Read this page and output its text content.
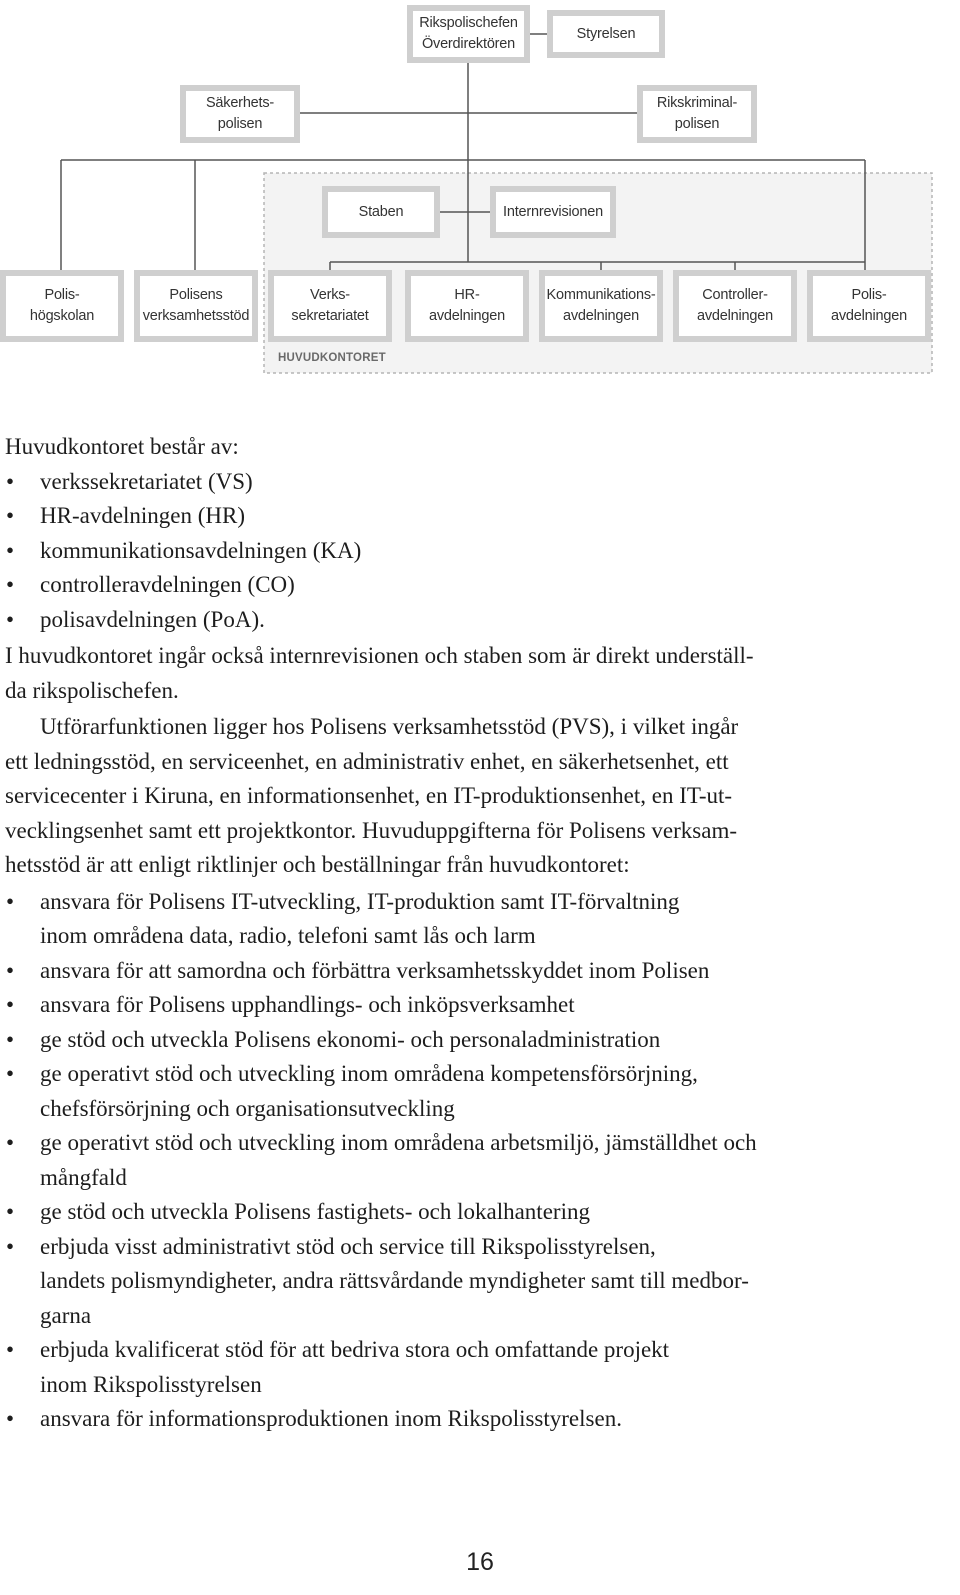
Rikspolischefen
Överdirektören
Styrelsen
Säkerhets-
polisen
Rikskriminal-
polisen
Staben	Internrevisionen
Polis-
högskolan
Polisens
verksamhetsstöd
Verks-
sekretariatet
HR-
avdelningen
Kommunikations-
avdelningen
Controller-
avdelningen
Polis-
avdelningen
HUVUDKONTORET

Huvudkontoret består av:

• verkssekretariatet (VS)
• HR-avdelningen (HR)
• kommunikationsavdelningen (KA)
• controlleravdelningen (CO)
• polisavdelningen (PoA).

I huvudkontoret ingår också internrevisionen och staben som är direkt underställ-
da rikspolischefen.

Utförarfunktionen ligger hos Polisens verksamhetsstöd (PVS), i vilket ingår
ett ledningsstöd, en serviceenhet, en administrativ enhet, en säkerhetsenhet, ett
servicecenter i Kiruna, en informationsenhet, en IT-produktionsenhet, en IT-ut-
vecklingsenhet samt ett projektkontor. Huvuduppgifterna för Polisens verksam-
hetsstöd är att enligt riktlinjer och beställningar från huvudkontoret:

• ansvara för Polisens IT-utveckling, IT-produktion samt IT-förvaltning
inom områdena data, radio, telefoni samt lås och larm
• ansvara för att samordna och förbättra verksamhetsskyddet inom Polisen
• ansvara för Polisens upphandlings- och inköpsverksamhet
• ge stöd och utveckla Polisens ekonomi- och personaladministration
• ge operativt stöd och utveckling inom områdena kompetensförsörjning,
chefsförsörjning och organisationsutveckling
• ge operativt stöd och utveckling inom områdena arbetsmiljö, jämställdhet och
mångfald
• ge stöd och utveckla Polisens fastighets- och lokalhantering
• erbjuda visst administrativt stöd och service till Rikspolisstyrelsen,
landets polismyndigheter, andra rättsvårdande myndigheter samt till medbor-
garna
• erbjuda kvalificerat stöd för att bedriva stora och omfattande projekt
inom Rikspolisstyrelsen
• ansvara för informationsproduktionen inom Rikspolisstyrelsen.
16
